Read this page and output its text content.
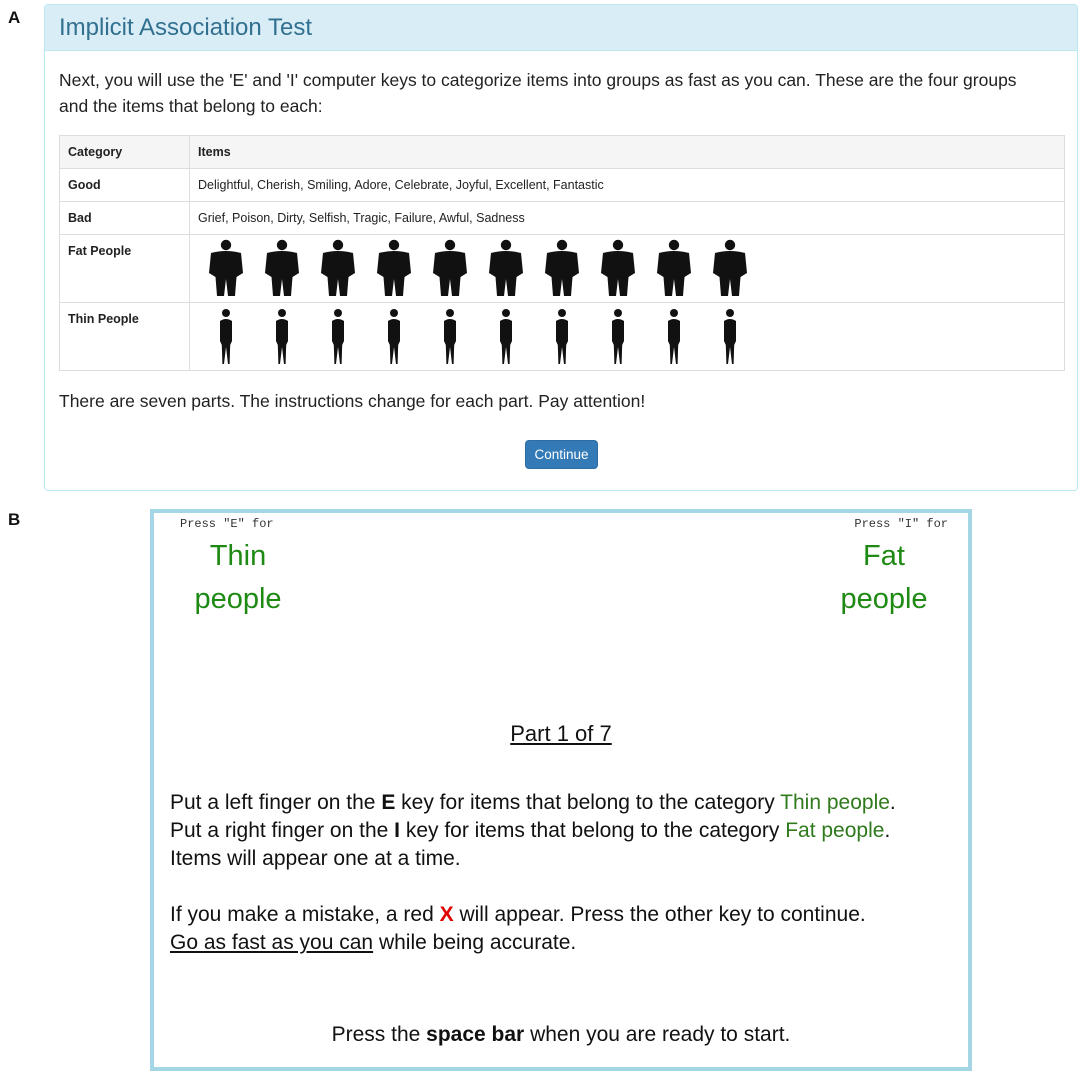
A
B
Implicit Association Test
Next, you will use the 'E' and 'I' computer keys to categorize items into groups as fast as you can. These are the four groups and the items that belong to each:
Category	Items
Good	Delightful, Cherish, Smiling, Adore, Celebrate, Joyful, Excellent, Fantastic
Bad	Grief, Poison, Dirty, Selfish, Tragic, Failure, Awful, Sadness
Fat People	

Thin People	
There are seven parts. The instructions change for each part. Pay attention!
Continue
Press "E" for	Press "I" for
Thin
people
Fat
people
Part 1 of 7

Put a left finger on the E key for items that belong to the category Thin people.

Put a right finger on the I key for items that belong to the category Fat people.

Items will appear one at a time.

If you make a mistake, a red X will appear. Press the other key to continue.

Go as fast as you can while being accurate.

Press the space bar when you are ready to start.
